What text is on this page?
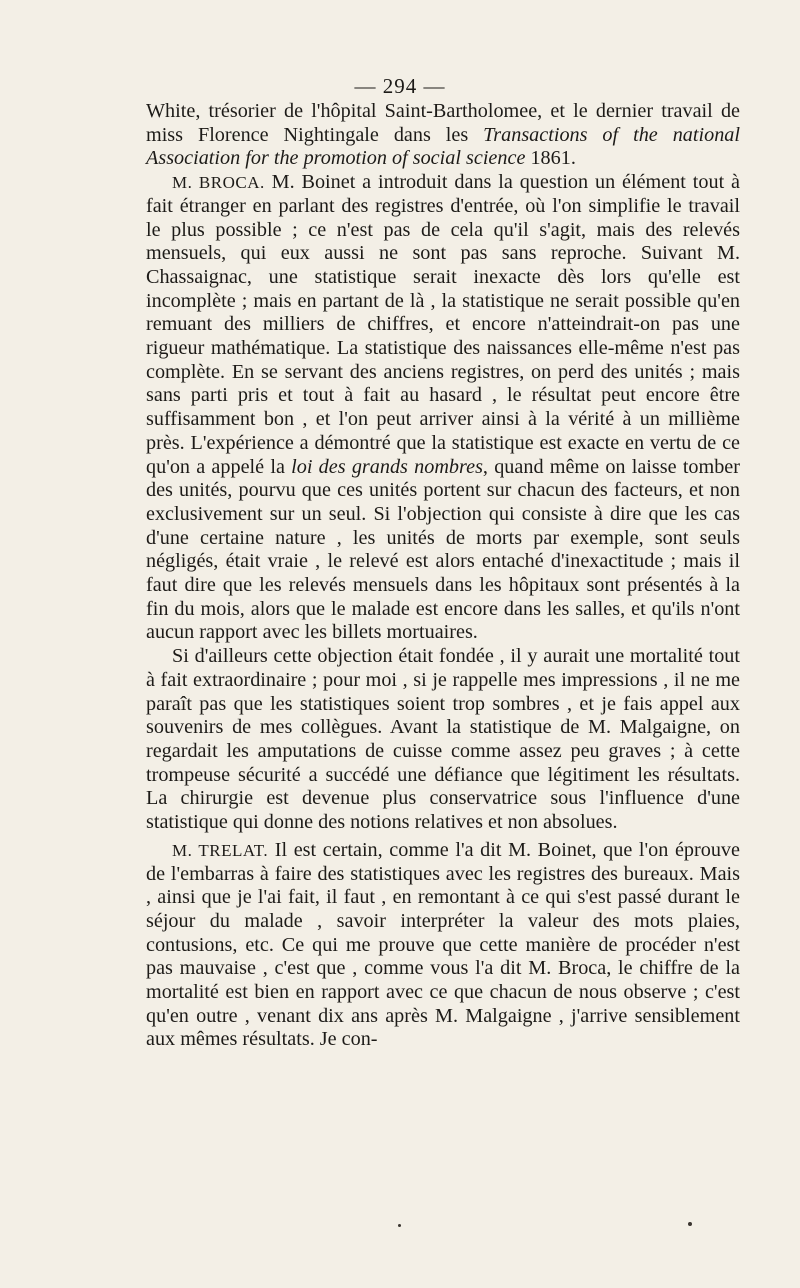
— 294 —

White, trésorier de l'hôpital Saint-Bartholomee, et le dernier travail de miss Florence Nightingale dans les Transactions of the national Association for the promotion of social science 1861.

M. BROCA. M. Boinet a introduit dans la question un élément tout à fait étranger en parlant des registres d'entrée, où l'on simplifie le travail le plus possible ; ce n'est pas de cela qu'il s'agit, mais des relevés mensuels, qui eux aussi ne sont pas sans reproche. Suivant M. Chassaignac, une statistique serait inexacte dès lors qu'elle est incomplète ; mais en partant de là , la statistique ne serait possible qu'en remuant des milliers de chiffres, et encore n'atteindrait-on pas une rigueur mathématique. La statistique des naissances elle-même n'est pas complète. En se servant des anciens registres, on perd des unités ; mais sans parti pris et tout à fait au hasard , le résultat peut encore être suffisamment bon , et l'on peut arriver ainsi à la vérité à un millième près. L'expérience a démontré que la statistique est exacte en vertu de ce qu'on a appelé la loi des grands nombres, quand même on laisse tomber des unités, pourvu que ces unités portent sur chacun des facteurs, et non exclusivement sur un seul. Si l'objection qui consiste à dire que les cas d'une certaine nature , les unités de morts par exemple, sont seuls négligés, était vraie , le relevé est alors entaché d'inexactitude ; mais il faut dire que les relevés mensuels dans les hôpitaux sont présentés à la fin du mois, alors que le malade est encore dans les salles, et qu'ils n'ont aucun rapport avec les billets mortuaires.

Si d'ailleurs cette objection était fondée , il y aurait une mortalité tout à fait extraordinaire ; pour moi , si je rappelle mes impressions , il ne me paraît pas que les statistiques soient trop sombres , et je fais appel aux souvenirs de mes collègues. Avant la statistique de M. Malgaigne, on regardait les amputations de cuisse comme assez peu graves ; à cette trompeuse sécurité a succédé une défiance que légitiment les résultats. La chirurgie est devenue plus conservatrice sous l'influence d'une statistique qui donne des notions relatives et non absolues.

M. TRELAT. Il est certain, comme l'a dit M. Boinet, que l'on éprouve de l'embarras à faire des statistiques avec les registres des bureaux. Mais , ainsi que je l'ai fait, il faut , en remontant à ce qui s'est passé durant le séjour du malade , savoir interpréter la valeur des mots plaies, contusions, etc. Ce qui me prouve que cette manière de procéder n'est pas mauvaise , c'est que , comme vous l'a dit M. Broca, le chiffre de la mortalité est bien en rapport avec ce que chacun de nous observe ; c'est qu'en outre , venant dix ans après M. Malgaigne , j'arrive sensiblement aux mêmes résultats. Je con-
